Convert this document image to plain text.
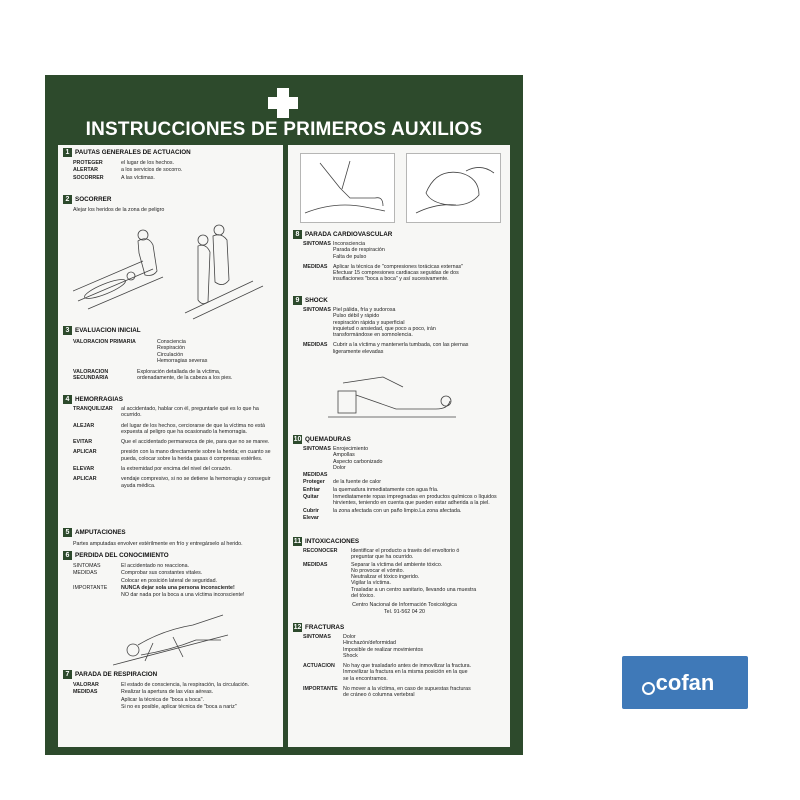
INSTRUCCIONES DE PRIMEROS AUXILIOS
1 PAUTAS GENERALES DE ACTUACION
PROTEGER	el lugar de los hechos.
ALERTAR	a los servicios de socorro.
SOCORRER	A las víctimas.
2 SOCORRER
Alejar los heridos de la zona de peligro
3 EVALUACION INICIAL
VALORACION PRIMARIA	Consciencia
Respiración
Circulación
Hemorragias severas
VALORACION SECUNDARIA
Exploración detallada de la víctima,
ordenadamente, de la cabeza a los pies.
4 HEMORRAGIAS
TRANQUILIZAR	al accidentado, hablar con él, preguntarle qué es lo que ha ocurrido.
ALEJAR	del lugar de los hechos, cerciorarse de que la víctima no está expuesta al peligro que ha ocasionado la hemorragia.
EVITAR	Que el accidentado permanezca de pie, para que no se maree.
APLICAR	presión con la mano directamente sobre la herida; en cuanto se pueda, colocar sobre la herida gasas ó compresas estériles.
ELEVAR	la extremidad por encima del nivel del corazón.
APLICAR	vendaje compresivo, si no se detiene la hemorragia y conseguir ayuda médica.
5 AMPUTACIONES
Partes amputadas envolver estérilmente en frío y entregárselo al herido.
6 PERDIDA DEL CONOCIMIENTO
SINTOMAS	El accidentado no reacciona.
MEDIDAS	Comprobar sus constantes vitales.
Colocar en posición lateral de seguridad.
IMPORTANTE	NUNCA dejar sola una persona inconsciente!
NO dar nada por la boca a una víctima inconsciente!
7 PARADA DE RESPIRACION
VALORAR	El estado de consciencia, la respiración, la circulación.
MEDIDAS	Realizar la apertura de las vías aéreas.
Aplicar la técnica de "boca a boca".
Si no es posible, aplicar técnica de "boca a nariz"
8 PARADA CARDIOVASCULAR
SINTOMAS Inconsciencia
Parada de respiración
Falta de pulso
MEDIDAS	Aplicar la técnica de "compresiones torácicas externas"
Efectuar 15 compresiones cardiacas seguidas de dos
insuflaciones "boca a boca" y así sucesivamente.
9 SHOCK
SINTOMAS Piel pálida, fría y sudorosa
Pulso débil y rápido
respiración rápida y superficial
inquietud o ansiedad, que poco a poco, irán
transformándose en somnolencia.
MEDIDAS	Cubrir a la víctima y mantenerla tumbada, con las piernas
ligeramente elevadas
10 QUEMADURAS
SINTOMAS Enrojecimiento
Ampollas
Aspecto carbonizado
Dolor
MEDIDAS
Proteger	de la fuente de calor
Enfriar	la quemadura inmediatamente con agua fría.
Quitar	Inmediatamente ropas impregnadas en productos químicos o líquidos hirvientes, teniendo en cuenta que pueden estar adherida a la piel.
Cubrir	la zona afectada con un paño limpio.La zona afectada.
Elevar
11 INTOXICACIONES
RECONOCER	Identificar el producto a través del envoltorio ó
preguntar que ha ocurrido.
MEDIDAS	Separar la víctima del ambiente tóxico.
No provocar el vómito.
Neutralizar el tóxico ingerido.
Vigilar la víctima.
Trasladar a un centro sanitario, llevando una muestra
del tóxico.
Centro Nacional de Información Toxicológica
Tel. 91-562 04 20
12 FRACTURAS
SINTOMAS	Dolor
Hinchazón/deformidad
Imposible de realizar movimientos
Shock
ACTUACION	No hay que trasladarlo antes de inmovilizar la fractura.
Inmovilizar la fractura en la misma posición en la que
se la encontramos.
IMPORTANTE	No mover a la víctima, en caso de supuestas fracturas
de cráneo ó columna vertebral
cofan
